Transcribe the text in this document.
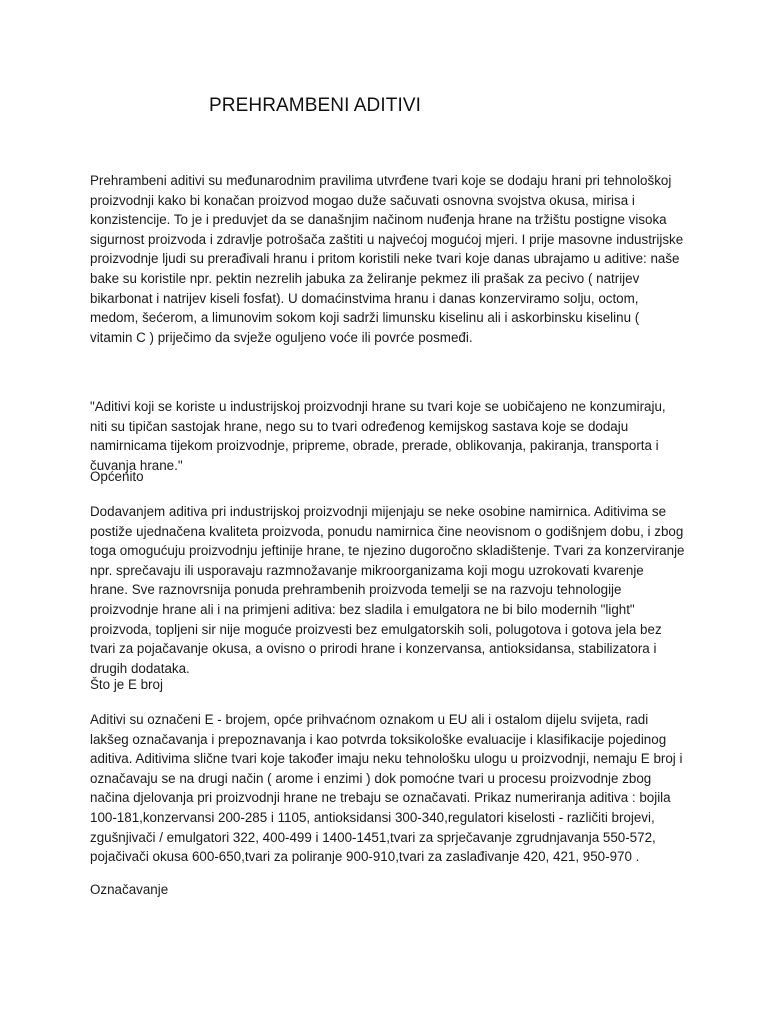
PREHRAMBENI ADITIVI

Prehrambeni aditivi su međunarodnim pravilima utvrđene tvari koje se dodaju hrani pri tehnološkoj proizvodnji kako bi konačan proizvod mogao duže sačuvati osnovna svojstva okusa, mirisa i konzistencije. To je i preduvjet da se današnjim načinom nuđenja hrane na tržištu postigne visoka sigurnost proizvoda i zdravlje potrošača zaštiti u najvećoj mogućoj mjeri. I prije masovne industrijske proizvodnje ljudi su prerađivali hranu i pritom koristili neke tvari koje danas ubrajamo u aditive: naše bake su koristile npr. pektin nezrelih jabuka za želiranje pekmez ili prašak za pecivo ( natrijev bikarbonat i natrijev kiseli fosfat). U domaćinstvima hranu i danas konzerviramo solju, octom, medom, šećerom, a limunovim sokom koji sadrži limunsku kiselinu ali i askorbinsku kiselinu ( vitamin C ) priječimo da svježe oguljeno voće ili povrće posmeđi.

"Aditivi koji se koriste u industrijskoj proizvodnji hrane su tvari koje se uobičajeno ne konzumiraju, niti su tipičan sastojak hrane, nego su to tvari određenog kemijskog sastava koje se dodaju namirnicama tijekom proizvodnje, pripreme, obrade, prerade, oblikovanja, pakiranja, transporta i čuvanja hrane."

Općenito

Dodavanjem aditiva pri industrijskoj proizvodnji mijenjaju se neke osobine namirnica. Aditivima se postiže ujednačena kvaliteta proizvoda, ponudu namirnica čine neovisnom o godišnjem dobu, i zbog toga omogućuju proizvodnju jeftinije hrane, te njezino dugoročno skladištenje. Tvari za konzerviranje npr. sprečavaju ili usporavaju razmnožavanje mikroorganizama koji mogu uzrokovati kvarenje hrane. Sve raznovrsnija ponuda prehrambenih proizvoda temelji se na razvoju tehnologije proizvodnje hrane ali i na primjeni aditiva: bez sladila i emulgatora ne bi bilo modernih "light" proizvoda, topljeni sir nije moguće proizvesti bez emulgatorskih soli, polugotova i gotova jela bez tvari za pojačavanje okusa, a ovisno o prirodi hrane i konzervansa, antioksidansa, stabilizatora i drugih dodataka.

Što je E broj

Aditivi su označeni E - brojem, opće prihvaćnom oznakom u EU ali i ostalom dijelu svijeta, radi lakšeg označavanja i prepoznavanja i kao potvrda toksikološke evaluacije i klasifikacije pojedinog aditiva. Aditivima slične tvari koje također imaju neku tehnološku ulogu u proizvodnji, nemaju E broj i označavaju se na drugi način ( arome i enzimi ) dok pomoćne tvari u procesu proizvodnje zbog načina djelovanja pri proizvodnji hrane ne trebaju se označavati. Prikaz numeriranja aditiva : bojila 100-181,konzervansi 200-285 i 1105, antioksidansi 300-340,regulatori kiselosti - različiti brojevi, zgušnjivači / emulgatori 322, 400-499 i 1400-1451,tvari za sprječavanje zgrudnjavanja 550-572, pojačivači okusa 600-650,tvari za poliranje 900-910,tvari za zaslađivanje 420, 421, 950-970 .

Označavanje
